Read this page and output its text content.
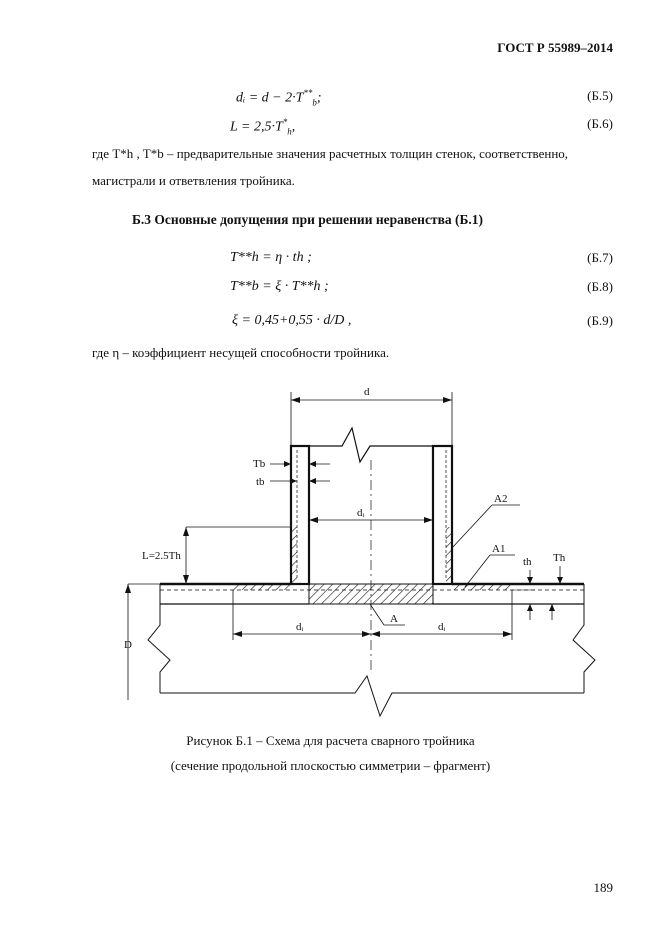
ГОСТ Р 55989–2014
dᵢ = $d - 2\cdot T^{**}_b$;	(Б.5)
$L = 2,5\cdot T^*_h$,	(Б.6)
где T*h , T*b – предварительные значения расчетных толщин стенок, соответственно,
магистрали и ответвления тройника.
Б.3 Основные допущения при решении неравенства (Б.1)
T**h = η · th ;	(Б.7)
T**b = ξ · T**h ;	(Б.8)
ξ = 0,45+0,55 · d/D ,	(Б.9)
где η – коэффициент несущей способности тройника.
d
Tb
tb
dᵢ
A2
L=2.5Th
A1
th Th
A
D
dᵢ	dᵢ
Рисунок Б.1 – Схема для расчета сварного тройника
(сечение продольной плоскостью симметрии – фрагмент)
189
